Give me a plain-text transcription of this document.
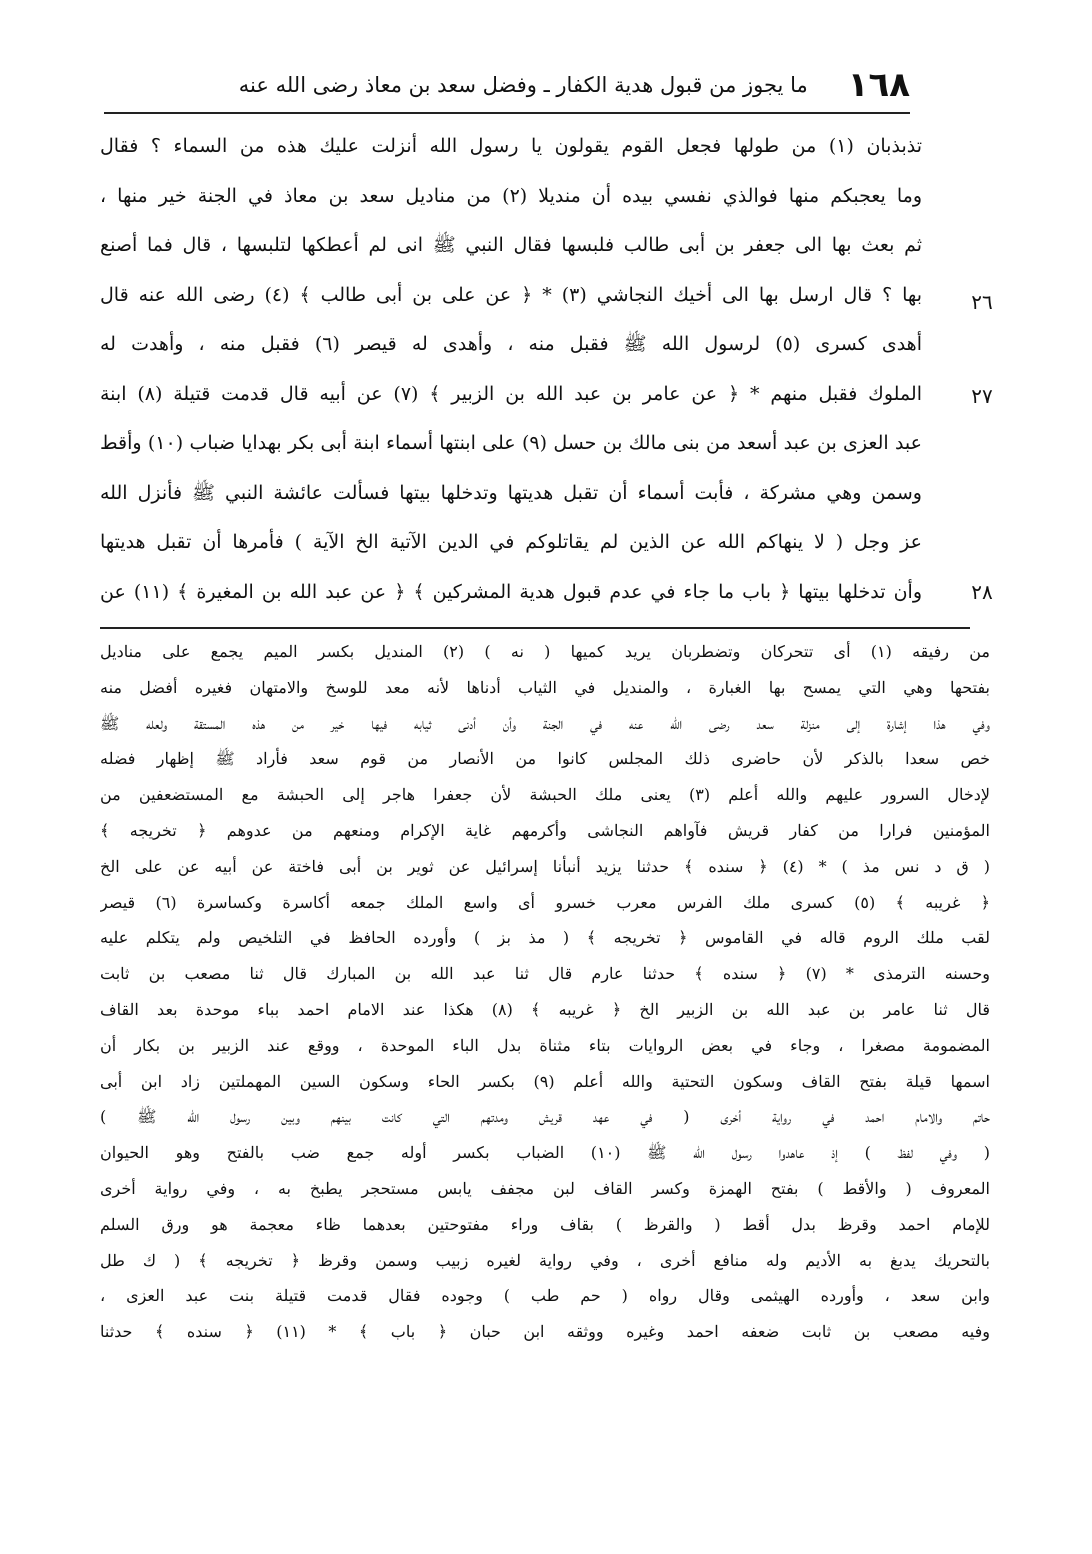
١٦٨
ما يجوز من قبول هدية الكفار ـ وفضل سعد بن معاذ رضى الله عنه
تذبذبان (١) من طولها فجعل القوم يقولون يا رسول الله أنزلت عليك هذه من السماء ؟ فقال
وما يعجبكم منها فوالذي نفسي بيده أن منديلا (٢) من مناديل سعد بن معاذ في الجنة خير منها ،
ثم بعث بها الى جعفر بن أبى طالب فلبسها فقال النبي ﷺ انى لم أعطكها لتلبسها ، قال فما أصنع
بها ؟ قال ارسل بها الى أخيك النجاشي (٣) * ﴿ عن على بن أبى طالب ﴾ (٤) رضى الله عنه قال
أهدى كسرى (٥) لرسول الله ﷺ فقبل منه ، وأهدى له قيصر (٦) فقبل منه ، وأهدت له
الملوك فقبل منهم * ﴿ عن عامر بن عبد الله بن الزبير ﴾ (٧) عن أبيه قال قدمت قتيلة (٨) ابنة
عبد العزى بن عبد أسعد من بنى مالك بن حسل (٩) على ابنتها أسماء ابنة أبى بكر بهدايا ضباب (١٠) وأقط
وسمن وهي مشركة ، فأبت أسماء أن تقبل هديتها وتدخلها بيتها فسألت عائشة النبي ﷺ فأنزل الله
عز وجل ( لا ينهاكم الله عن الذين لم يقاتلوكم في الدين الآتية الخ الآية ) فأمرها أن تقبل هديتها
وأن تدخلها بيتها ﴿ باب ما جاء في عدم قبول هدية المشركين ﴾ ﴿ عن عبد الله بن المغيرة ﴾ (١١) عن
٢٦
٢٧
٢٨
من رفيقه (١) أى تتحركان وتضطربان يريد كميها ( نه ) (٢) المنديل بكسر الميم يجمع على مناديل
بفتحها وهي التي يمسح بها الغبارة ، والمنديل في الثياب أدناها لأنه معد للوسخ والامتهان فغيره أفضل منه
وفي هذا إشارة إلى منزلة سعد رضى الله عنه في الجنة وأن أدنى ثيابه فيها خير من هذه المستقة ولعله ﷺ
خص سعدا بالذكر لأن حاضرى ذلك المجلس كانوا من الأنصار من قوم سعد فأراد ﷺ إظهار فضله
لإدخال السرور عليهم والله أعلم (٣) يعنى ملك الحبشة لأن جعفرا هاجر إلى الحبشة مع المستضعفين من
المؤمنين فرارا من كفار قريش فآواهم النجاشى وأكرمهم غاية الإكرام ومنعهم من عدوهم ﴿ تخريجه ﴾
( ق د نس مذ ) * (٤) ﴿ سنده ﴾ حدثنا يزيد أنبأنا إسرائيل عن ثوير بن أبى فاختة عن أبيه عن على الخ
﴿ غريبه ﴾ (٥) كسرى ملك الفرس معرب خسرو أى واسع الملك جمعه أكاسرة وكساسرة (٦) قيصر
لقب ملك الروم قاله في القاموس ﴿ تخريجه ﴾ ( مذ بز ) وأورده الحافظ في التلخيص ولم يتكلم عليه
وحسنه الترمذى * (٧) ﴿ سنده ﴾ حدثنا عارم قال ثنا عبد الله بن المبارك قال ثنا مصعب بن ثابت
قال ثنا عامر بن عبد الله بن الزبير الخ ﴿ غريبه ﴾ (٨) هكذا عند الامام احمد بباء موحدة بعد القاف
المضمومة مصغرا ، وجاء في بعض الروايات بتاء مثناة بدل الباء الموحدة ، ووقع عند الزبير بن بكار أن
اسمها قيلة بفتح القاف وسكون التحتية والله أعلم (٩) بكسر الحاء وسكون السين المهملتين زاد ابن أبى
حاتم والامام احمد في رواية أخرى ( في عهد قريش ومدتهم التي كانت بينهم وبين رسول الله ﷺ )
( وفي لفظ ) إذ عاهدوا رسول الله ﷺ (١٠) الضباب بكسر أوله جمع ضب بالفتح وهو الحيوان
المعروف ( والأقط ) بفتح الهمزة وكسر القاف لبن مجفف يابس مستحجر يطبخ به ، وفي رواية أخرى
للإمام احمد وقرظ بدل أقط ( والقرظ ) بقاف وراء مفتوحتين بعدهما ظاء معجمة هو ورق السلم
بالتحريك يدبغ به الأديم وله منافع أخرى ، وفي رواية لغيره زبيب وسمن وقرظ ﴿ تخريجه ﴾ ( ك طل
وابن سعد ، وأورده الهيثمى وقال رواه ( حم طب ) وجوده فقال قدمت قتيلة بنت عبد العزى ،
وفيه مصعب بن ثابت ضعفه احمد وغيره ووثقه ابن حبان ﴿ باب ﴾ * (١١) ﴿ سنده ﴾ حدثنا
